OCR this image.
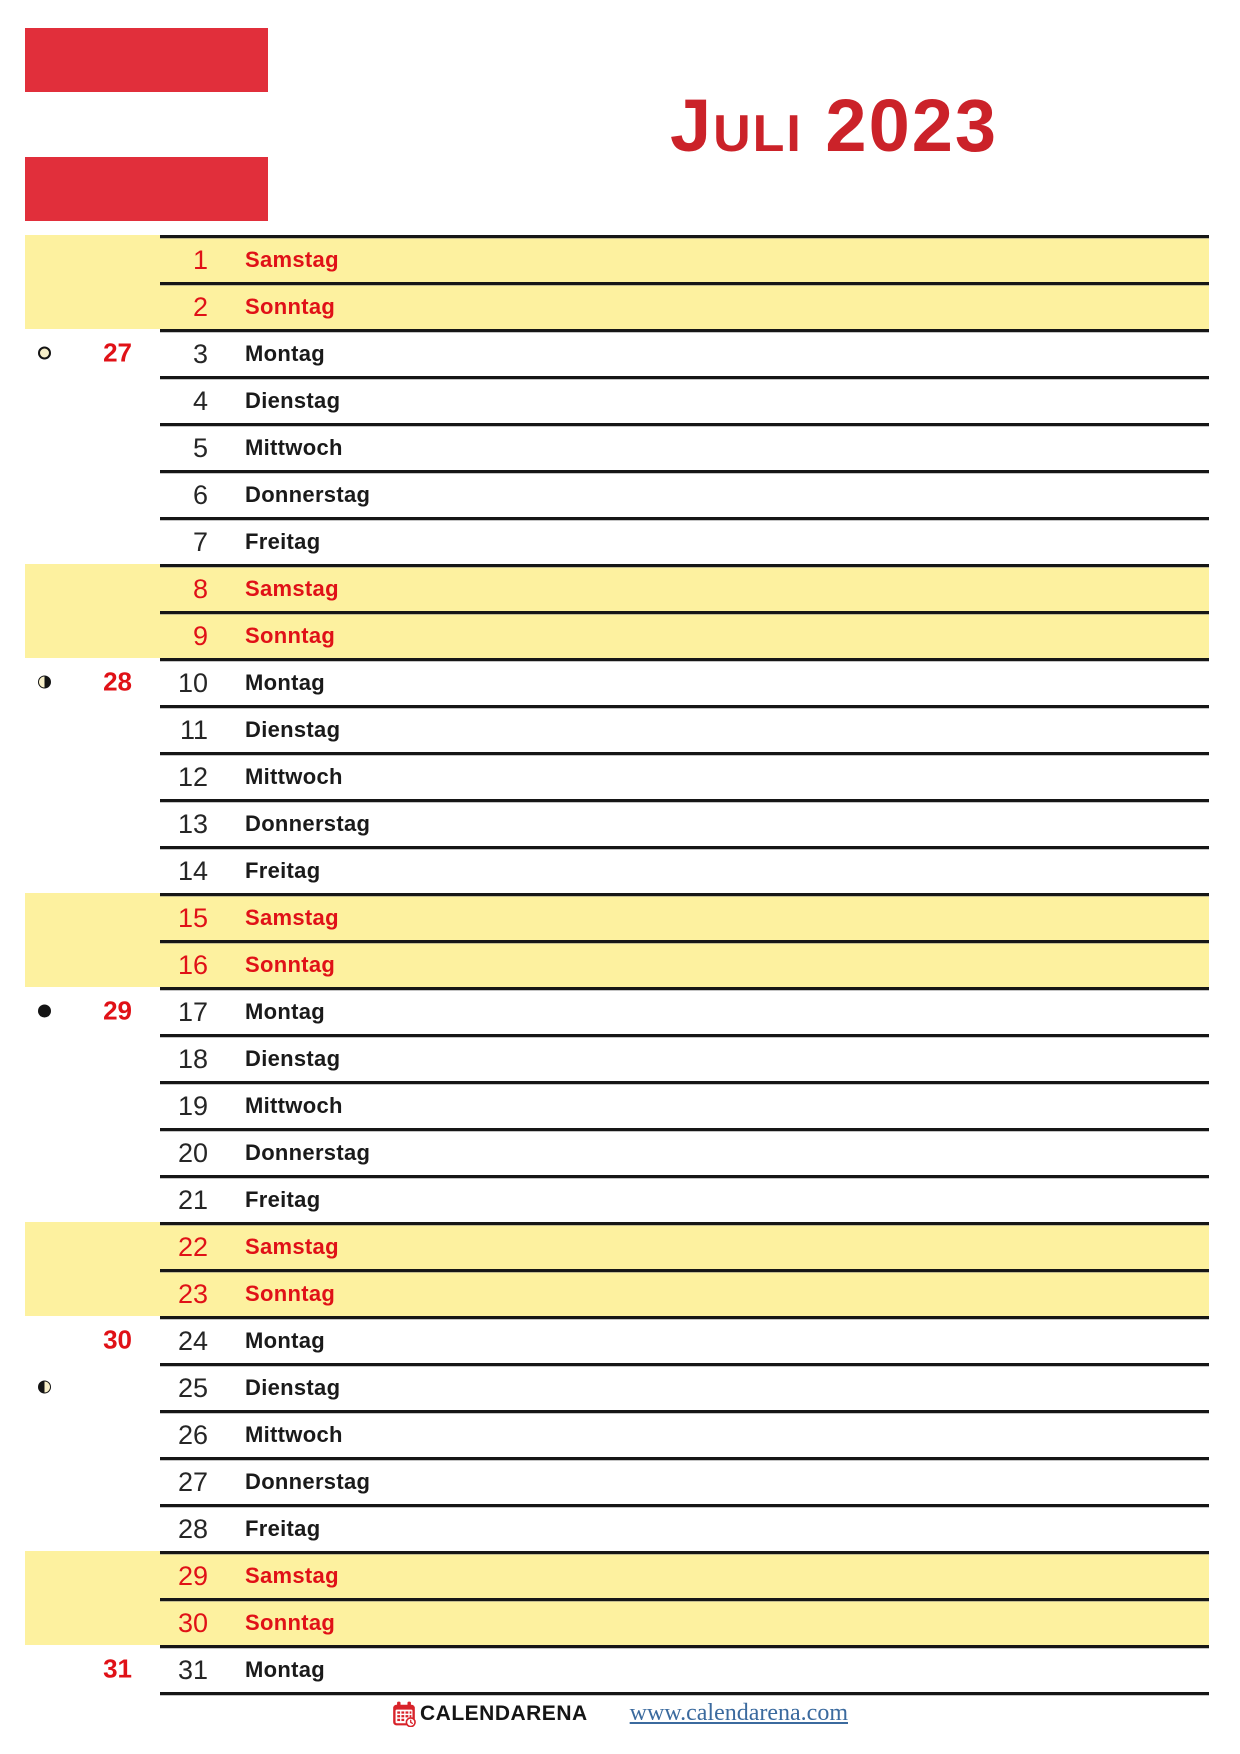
Juli 2023
1 Samstag
2 Sonntag
27	3 Montag
4 Dienstag
5 Mittwoch
6 Donnerstag
7 Freitag
8 Samstag
9 Sonntag
28	10 Montag
11 Dienstag
12 Mittwoch
13 Donnerstag
14 Freitag
15 Samstag
16 Sonntag
29	17 Montag
18 Dienstag
19 Mittwoch
20 Donnerstag
21 Freitag
22 Samstag
23 Sonntag
30	24 Montag
25 Dienstag
26 Mittwoch
27 Donnerstag
28 Freitag
29 Samstag
30 Sonntag
31	31 Montag
CALENDARENA www.calendarena.com
